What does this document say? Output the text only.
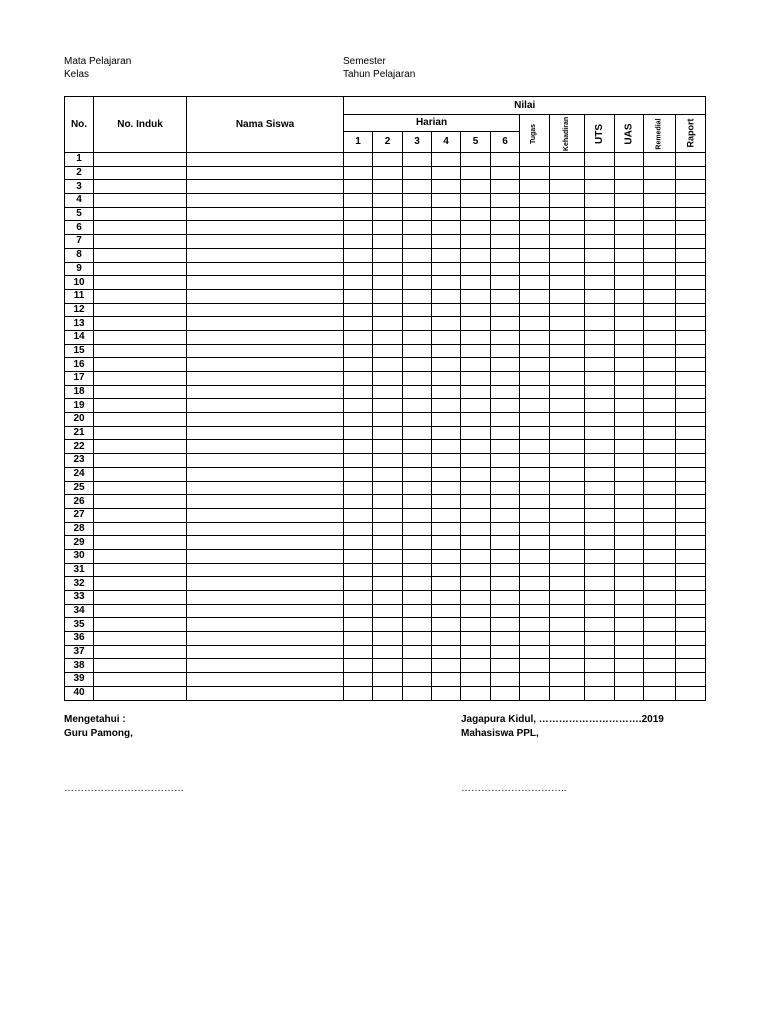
Mata Pelajaran
Kelas
Semester
Tahun Pelajaran
No.	No. Induk	Nama Siswa	Nilai											
			Harian						Tugas	Kehadiran	UTS	UAS	Remedial	Raport
			1	2	3	4	5	6						
1														
2														
3														
4														
5														
6														
7														
8														
9														
10														
11														
12														
13														
14														
15														
16														
17														
18														
19														
20														
21														
22														
23														
24														
25														
26														
27														
28														
29														
30														
31														
32														
33														
34														
35														
36														
37														
38														
39														
40														
Mengetahui :
Guru Pamong,
………………………………
Jagapura Kidul, ………………………….2019
Mahasiswa PPL,
…………………………..
